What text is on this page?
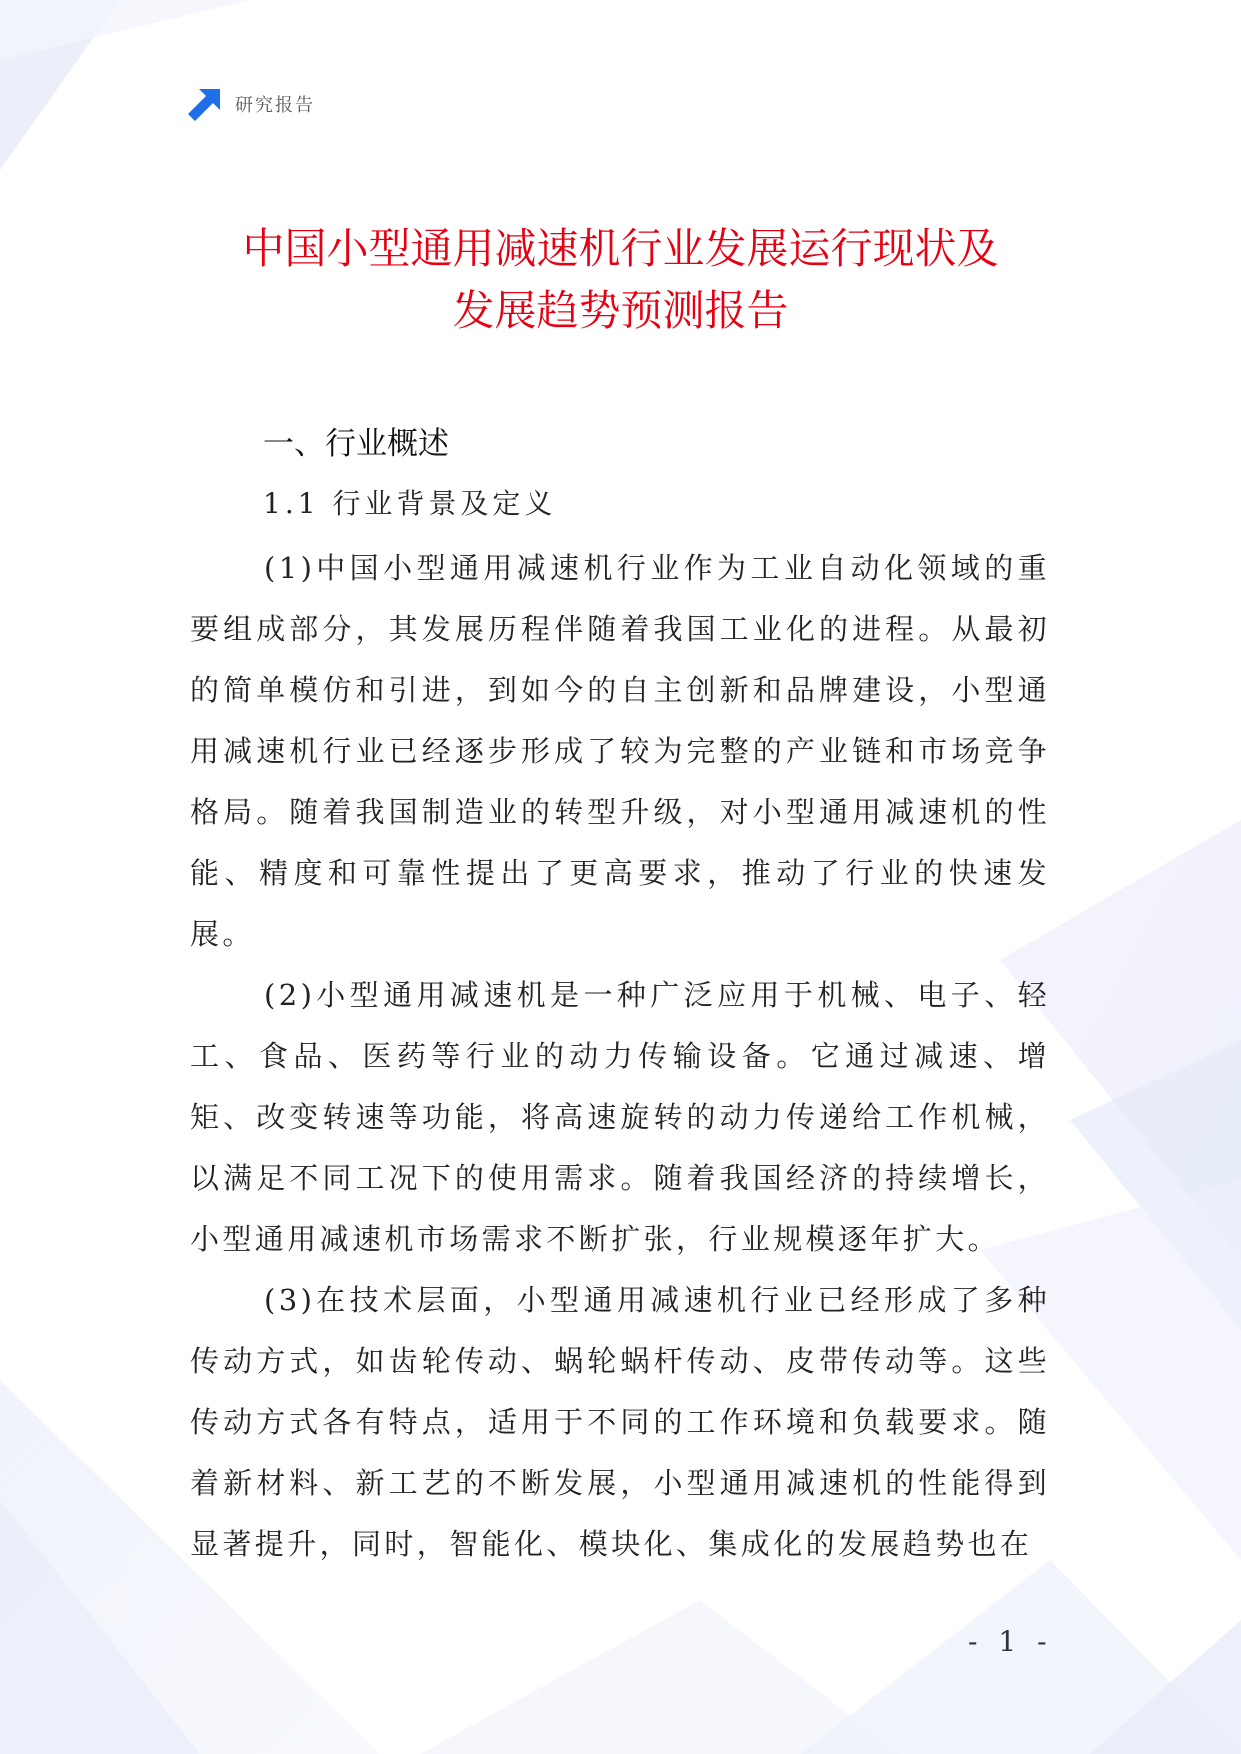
研究报告
中国小型通用减速机行业发展运行现状及
发展趋势预测报告
一、行业概述
1.1 行业背景及定义

(1)中国小型通用减速机行业作为工业自动化领域的重要组成部分，其发展历程伴随着我国工业化的进程。从最初的简单模仿和引进，到如今的自主创新和品牌建设，小型通用减速机行业已经逐步形成了较为完整的产业链和市场竞争格局。随着我国制造业的转型升级，对小型通用减速机的性能、精度和可靠性提出了更高要求，推动了行业的快速发展。

(2)小型通用减速机是一种广泛应用于机械、电子、轻工、食品、医药等行业的动力传输设备。它通过减速、增矩、改变转速等功能，将高速旋转的动力传递给工作机械，以满足不同工况下的使用需求。随着我国经济的持续增长，小型通用减速机市场需求不断扩张，行业规模逐年扩大。

(3)在技术层面，小型通用减速机行业已经形成了多种传动方式，如齿轮传动、蜗轮蜗杆传动、皮带传动等。这些传动方式各有特点，适用于不同的工作环境和负载要求。随着新材料、新工艺的不断发展，小型通用减速机的性能得到显著提升，同时，智能化、模块化、集成化的发展趋势也在

- 1 -
